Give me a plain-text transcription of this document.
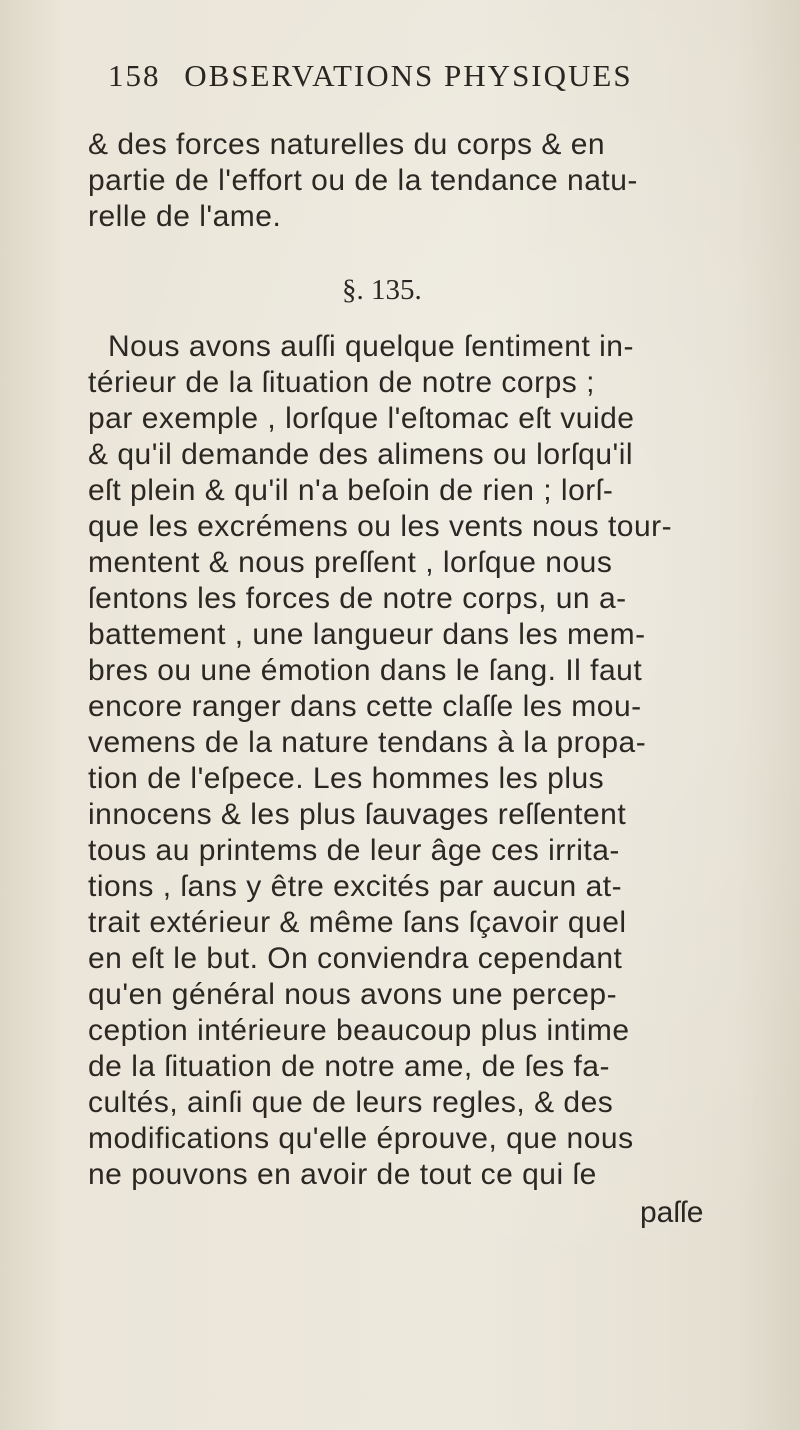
158 OBSERVATIONS PHYSIQUES
& des forces naturelles du corps & en
partie de l'effort ou de la tendance natu-
relle de l'ame.
§. 135.
Nous avons auſſi quelque ſentiment in-
térieur de la ſituation de notre corps ;
par exemple , lorſque l'eſtomac eſt vuide
& qu'il demande des alimens ou lorſqu'il
eſt plein & qu'il n'a beſoin de rien ; lorſ-
que les excrémens ou les vents nous tour-
mentent & nous preſſent , lorſque nous
ſentons les forces de notre corps, un a-
battement , une langueur dans les mem-
bres ou une émotion dans le ſang. Il faut
encore ranger dans cette claſſe les mou-
vemens de la nature tendans à la propa-
tion de l'eſpece. Les hommes les plus
innocens & les plus ſauvages reſſentent
tous au printems de leur âge ces irrita-
tions , ſans y être excités par aucun at-
trait extérieur & même ſans ſçavoir quel
en eſt le but. On conviendra cependant
qu'en général nous avons une percep-
ception intérieure beaucoup plus intime
de la ſituation de notre ame, de ſes fa-
cultés, ainſi que de leurs regles, & des
modifications qu'elle éprouve, que nous
ne pouvons en avoir de tout ce qui ſe
paſſe
